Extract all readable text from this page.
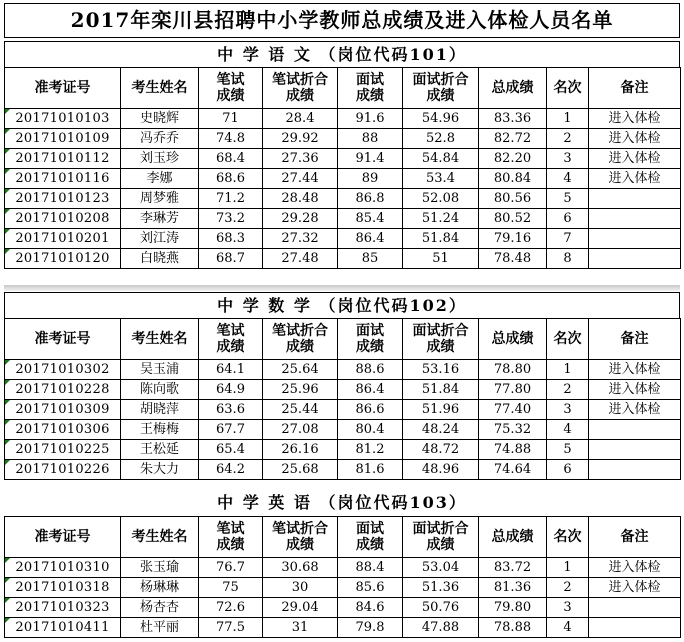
2017年栾川县招聘中小学教师总成绩及进入体检人员名单
中 学 语 文 （岗位代码101）
准考证号	考生姓名	笔试成绩	笔试折合成绩	面试成绩	面试折合成绩	总成绩	名次	备注
20171010103	史晓辉	71	28.4	91.6	54.96	83.36	1	进入体检
20171010109	冯乔乔	74.8	29.92	88	52.8	82.72	2	进入体检
20171010112	刘玉珍	68.4	27.36	91.4	54.84	82.20	3	进入体检
20171010116	李娜	68.6	27.44	89	53.4	80.84	4	进入体检
20171010123	周梦雅	71.2	28.48	86.8	52.08	80.56	5	
20171010208	李琳芳	73.2	29.28	85.4	51.24	80.52	6	
20171010201	刘江涛	68.3	27.32	86.4	51.84	79.16	7	
20171010120	白晓燕	68.7	27.48	85	51	78.48	8	
中 学 数 学 （岗位代码102）
准考证号	考生姓名	笔试成绩	笔试折合成绩	面试成绩	面试折合成绩	总成绩	名次	备注
20171010302	吴玉浦	64.1	25.64	88.6	53.16	78.80	1	进入体检
20171010228	陈向歌	64.9	25.96	86.4	51.84	77.80	2	进入体检
20171010309	胡晓萍	63.6	25.44	86.6	51.96	77.40	3	进入体检
20171010306	王梅梅	67.7	27.08	80.4	48.24	75.32	4	
20171010225	王松延	65.4	26.16	81.2	48.72	74.88	5	
20171010226	朱大力	64.2	25.68	81.6	48.96	74.64	6	
中 学 英 语 （岗位代码103）
准考证号	考生姓名	笔试成绩	笔试折合成绩	面试成绩	面试折合成绩	总成绩	名次	备注
20171010310	张玉瑜	76.7	30.68	88.4	53.04	83.72	1	进入体检
20171010318	杨琳琳	75	30	85.6	51.36	81.36	2	进入体检
20171010323	杨杏杏	72.6	29.04	84.6	50.76	79.80	3	
20171010411	杜平丽	77.5	31	79.8	47.88	78.88	4	
